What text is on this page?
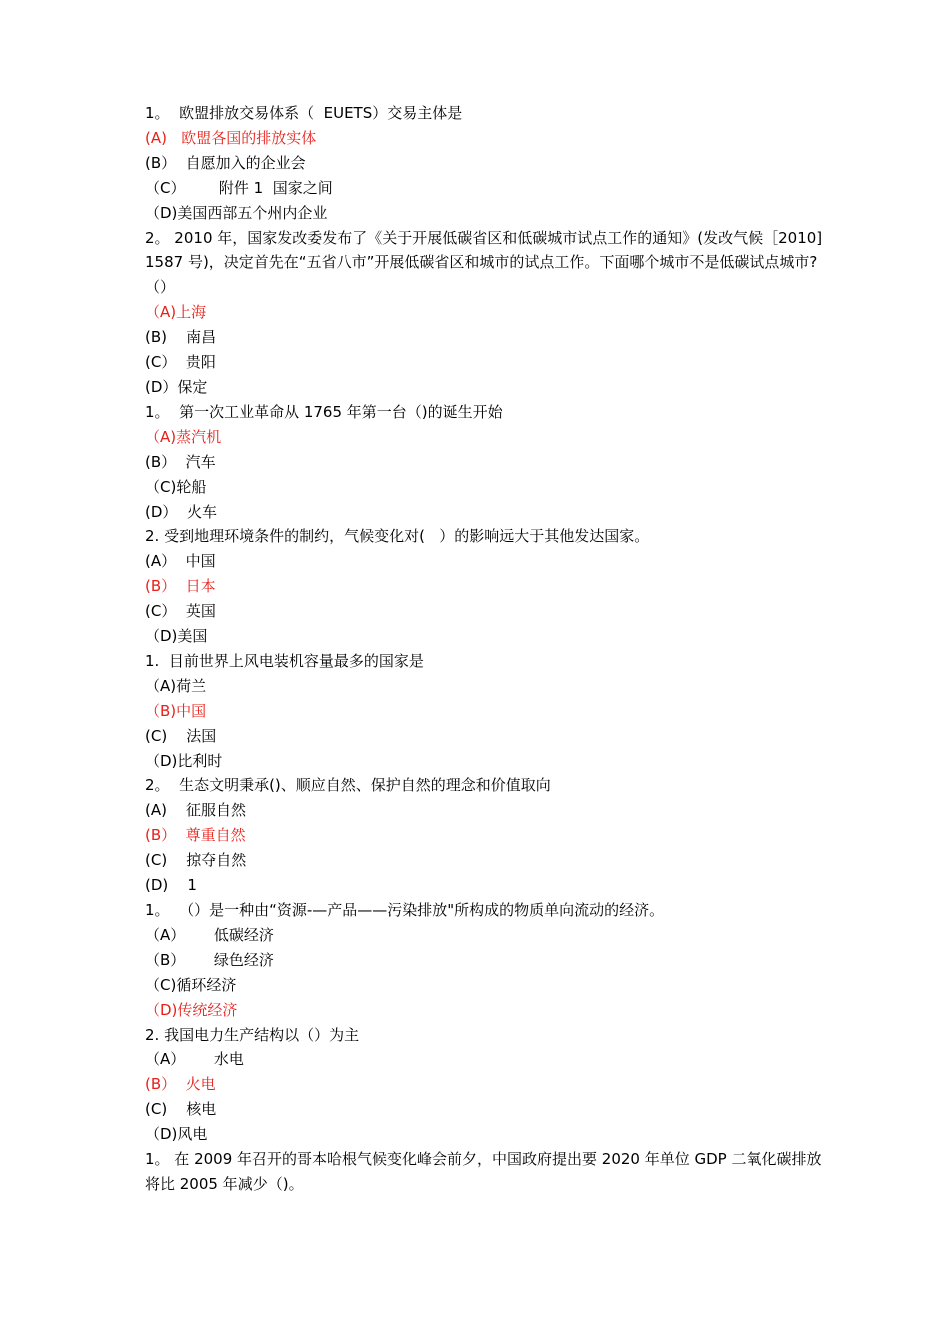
1。  欧盟排放交易体系（  EUETS）交易主体是

(A)   欧盟各国的排放实体

(B）  自愿加入的企业会

（C）       附件 1  国家之间

（D)美国西部五个州内企业

2。 2010 年，国家发改委发布了《关于开展低碳省区和低碳城市试点工作的通知》(发改气候［2010]1587 号)，决定首先在“五省八市”开展低碳省区和城市的试点工作。下面哪个城市不是低碳试点城市?（）

（A)上海

(B)    南昌

(C）  贵阳

(D）保定

1。  第一次工业革命从 1765 年第一台（)的诞生开始

（A)蒸汽机

(B）  汽车

（C)轮船

(D）  火车

2. 受到地理环境条件的制约，气候变化对(   ）的影响远大于其他发达国家。

(A）  中国

(B）  日本

(C）  英国

（D)美国

1.  目前世界上风电装机容量最多的国家是

（A)荷兰

（B)中国

(C)    法国

（D)比利时

2。  生态文明秉承()、顺应自然、保护自然的理念和价值取向

(A)    征服自然

(B）  尊重自然

(C)    掠夺自然

(D)    1

1。  （）是一种由“资源-—产品——污染排放"所构成的物质单向流动的经济。

（A）      低碳经济

（B）      绿色经济

（C)循环经济

（D)传统经济

2. 我国电力生产结构以（）为主

（A）      水电

(B）  火电

(C)    核电

（D)风电

1。 在 2009 年召开的哥本哈根气候变化峰会前夕，中国政府提出要 2020 年单位 GDP 二氧化碳排放将比 2005 年减少（)。
